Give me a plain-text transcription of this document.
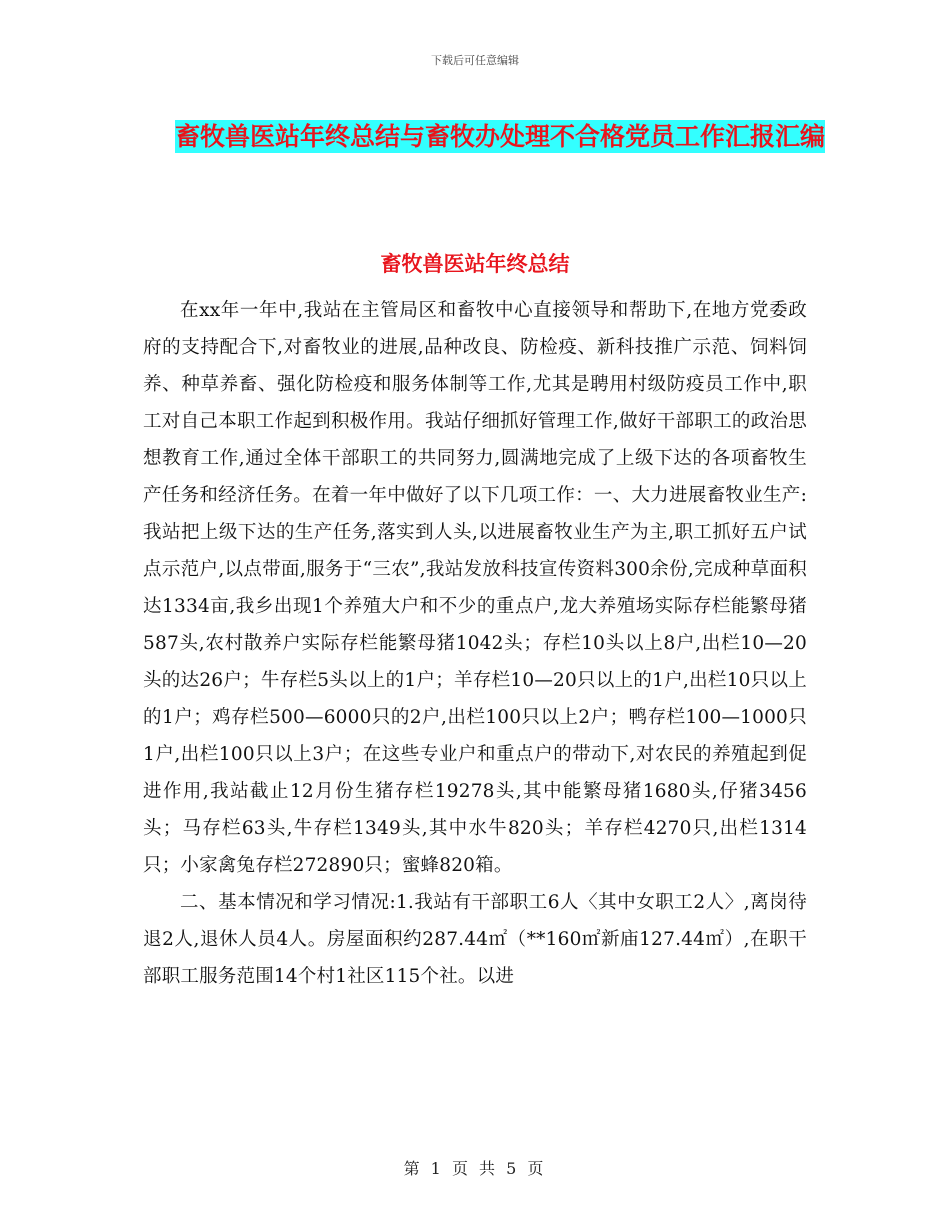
下载后可任意编辑
畜牧兽医站年终总结与畜牧办处理不合格党员工作汇报汇编
畜牧兽医站年终总结

在xx年一年中,我站在主管局区和畜牧中心直接领导和帮助下,在地方党委政府的支持配合下,对畜牧业的进展,品种改良、防检疫、新科技推广示范、饲料饲养、种草养畜、强化防检疫和服务体制等工作,尤其是聘用村级防疫员工作中,职工对自己本职工作起到积极作用。我站仔细抓好管理工作,做好干部职工的政治思想教育工作,通过全体干部职工的共同努力,圆满地完成了上级下达的各项畜牧生产任务和经济任务。在着一年中做好了以下几项工作：一、大力进展畜牧业生产:我站把上级下达的生产任务,落实到人头,以进展畜牧业生产为主,职工抓好五户试点示范户,以点带面,服务于“三农”,我站发放科技宣传资料300余份,完成种草面积达1334亩,我乡出现1个养殖大户和不少的重点户,龙大养殖场实际存栏能繁母猪587头,农村散养户实际存栏能繁母猪1042头；存栏10头以上8户,出栏10—20头的达26户；牛存栏5头以上的1户；羊存栏10—20只以上的1户,出栏10只以上的1户；鸡存栏500—6000只的2户,出栏100只以上2户；鸭存栏100—1000只1户,出栏100只以上3户；在这些专业户和重点户的带动下,对农民的养殖起到促进作用,我站截止12月份生猪存栏19278头,其中能繁母猪1680头,仔猪3456头；马存栏63头,牛存栏1349头,其中水牛820头；羊存栏4270只,出栏1314只；小家禽兔存栏272890只；蜜蜂820箱。

二、基本情况和学习情况:1.我站有干部职工6人〈其中女职工2人〉,离岗待退2人,退休人员4人。房屋面积约287.44㎡（**160㎡新庙127.44㎡）,在职干部职工服务范围14个村1社区115个社。以进

第 1 页 共 5 页
